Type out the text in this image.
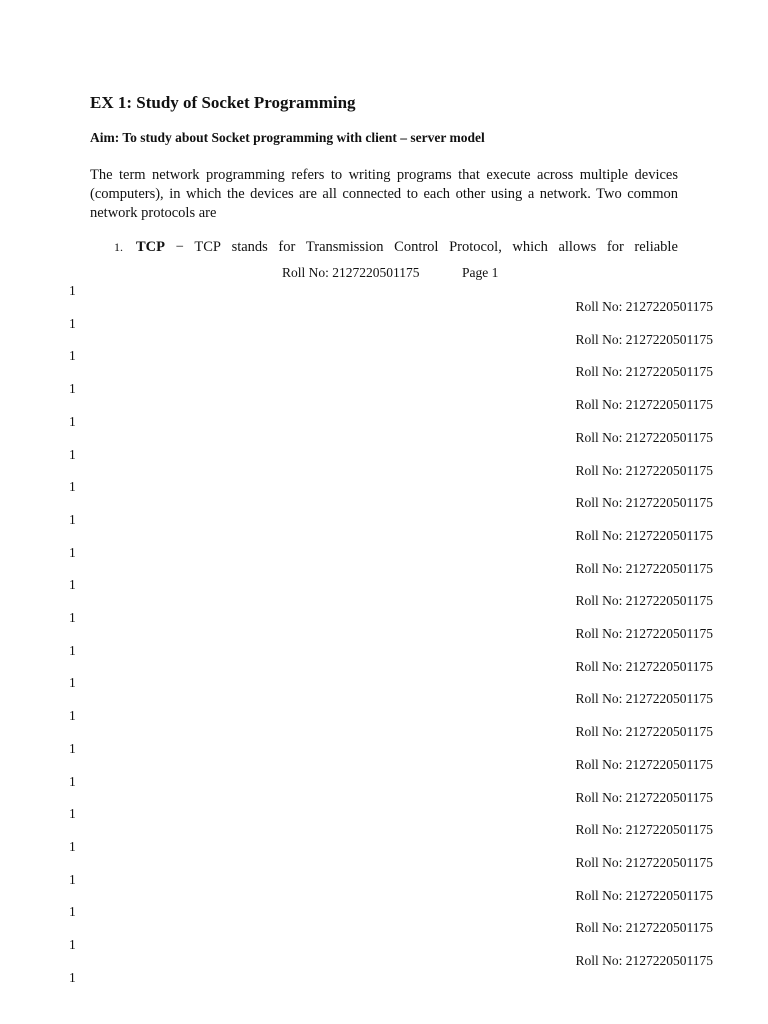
EX 1: Study of Socket Programming
Aim: To study about Socket programming with client – server model
The term network programming refers to writing programs that execute across multiple devices (computers), in which the devices are all connected to each other using a network. Two common network protocols are
1. TCP − TCP stands for Transmission Control Protocol, which allows for reliable
Roll No: 2127220501175	Page 1
1
Roll No: 2127220501175
1
Roll No: 2127220501175
1
Roll No: 2127220501175
1
Roll No: 2127220501175
1
Roll No: 2127220501175
1
Roll No: 2127220501175
1
Roll No: 2127220501175
1
Roll No: 2127220501175
1
Roll No: 2127220501175
1
Roll No: 2127220501175
1
Roll No: 2127220501175
1
Roll No: 2127220501175
1
Roll No: 2127220501175
1
Roll No: 2127220501175
1
Roll No: 2127220501175
1
Roll No: 2127220501175
1
Roll No: 2127220501175
1
Roll No: 2127220501175
1
Roll No: 2127220501175
1
Roll No: 2127220501175
1
Roll No: 2127220501175
1
